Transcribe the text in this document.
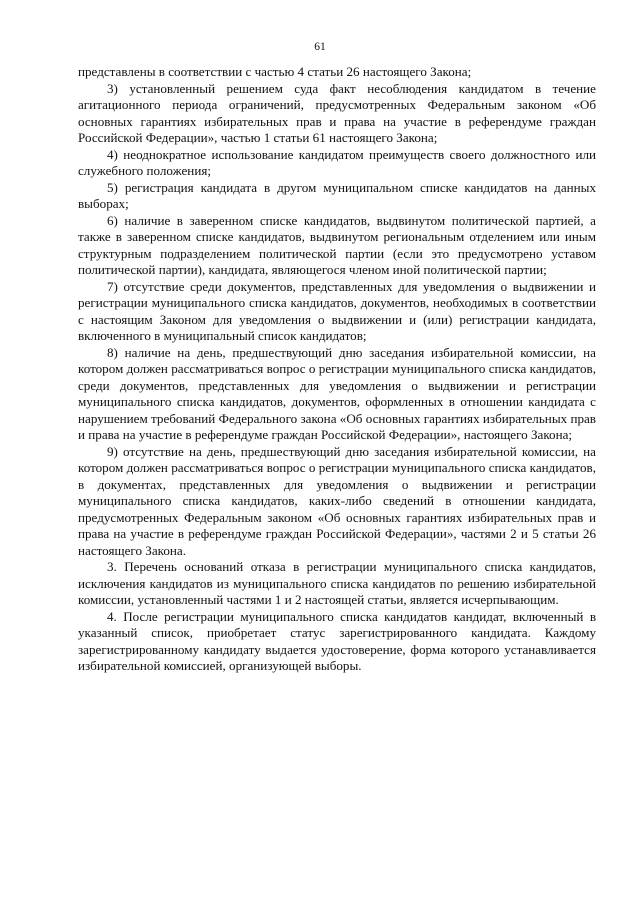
61

представлены в соответствии с частью 4 статьи 26 настоящего Закона;

3) установленный решением суда факт несоблюдения кандидатом в течение агитационного периода ограничений, предусмотренных Федеральным законом «Об основных гарантиях избирательных прав и права на участие в референдуме граждан Российской Федерации», частью 1 статьи 61 настоящего Закона;

4) неоднократное использование кандидатом преимуществ своего должностного или служебного положения;

5) регистрация кандидата в другом муниципальном списке кандидатов на данных выборах;

6) наличие в заверенном списке кандидатов, выдвинутом политической партией, а также в заверенном списке кандидатов, выдвинутом региональным отделением или иным структурным подразделением политической партии (если это предусмотрено уставом политической партии), кандидата, являющегося членом иной политической партии;

7) отсутствие среди документов, представленных для уведомления о выдвижении и регистрации муниципального списка кандидатов, документов, необходимых в соответствии с настоящим Законом для уведомления о выдвижении и (или) регистрации кандидата, включенного в муниципальный список кандидатов;

8) наличие на день, предшествующий дню заседания избирательной комиссии, на котором должен рассматриваться вопрос о регистрации муниципального списка кандидатов, среди документов, представленных для уведомления о выдвижении и регистрации муниципального списка кандидатов, документов, оформленных в отношении кандидата с нарушением требований Федерального закона «Об основных гарантиях избирательных прав и права на участие в референдуме граждан Российской Федерации», настоящего Закона;

9) отсутствие на день, предшествующий дню заседания избирательной комиссии, на котором должен рассматриваться вопрос о регистрации муниципального списка кандидатов, в документах, представленных для уведомления о выдвижении и регистрации муниципального списка кандидатов, каких-либо сведений в отношении кандидата, предусмотренных Федеральным законом «Об основных гарантиях избирательных прав и права на участие в референдуме граждан Российской Федерации», частями 2 и 5 статьи 26 настоящего Закона.

3. Перечень оснований отказа в регистрации муниципального списка кандидатов, исключения кандидатов из муниципального списка кандидатов по решению избирательной комиссии, установленный частями 1 и 2 настоящей статьи, является исчерпывающим.

4. После регистрации муниципального списка кандидатов кандидат, включенный в указанный список, приобретает статус зарегистрированного кандидата. Каждому зарегистрированному кандидату выдается удостоверение, форма которого устанавливается избирательной комиссией, организующей выборы.
